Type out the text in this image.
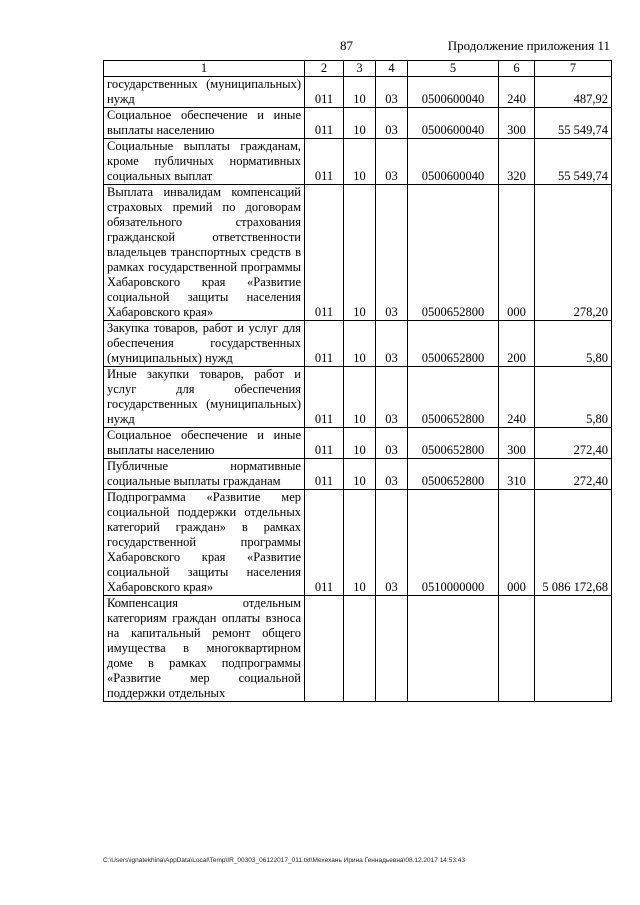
87	Продолжение приложения 11
1	2	3	4	5	6	7
государственных (муниципальных) нужд	011	10	03	0500600040	240	487,92
Социальное обеспечение и иные выплаты населению	011	10	03	0500600040	300	55 549,74
Социальные выплаты гражданам, кроме публичных нормативных социальных выплат	011	10	03	0500600040	320	55 549,74
Выплата инвалидам компенсаций страховых премий по договорам обязательного страхования гражданской ответственности владельцев транспортных средств в рамках государственной программы Хабаровского края «Развитие социальной защиты населения Хабаровского края»	011	10	03	0500652800	000	278,20
Закупка товаров, работ и услуг для обеспечения государственных (муниципальных) нужд	011	10	03	0500652800	200	5,80
Иные закупки товаров, работ и услуг для обеспечения государственных (муниципальных) нужд	011	10	03	0500652800	240	5,80
Социальное обеспечение и иные выплаты населению	011	10	03	0500652800	300	272,40
Публичные нормативные социальные выплаты гражданам	011	10	03	0500652800	310	272,40
Подпрограмма «Развитие мер социальной поддержки отдельных категорий граждан» в рамках государственной программы Хабаровского края «Развитие социальной защиты населения Хабаровского края»	011	10	03	0510000000	000	5 086 172,68
Компенсация отдельным категориям граждан оплаты взноса на капитальный ремонт общего имущества в многоквартирном доме в рамках подпрограммы «Развитие мер социальной поддержки отдельных						
C:\Users\ignatekhina\AppData\Local\Temp\IR_00303_06122017_011.txt\Мехехань Ирина Геннадьевна\08.12.2017 14:53:43
